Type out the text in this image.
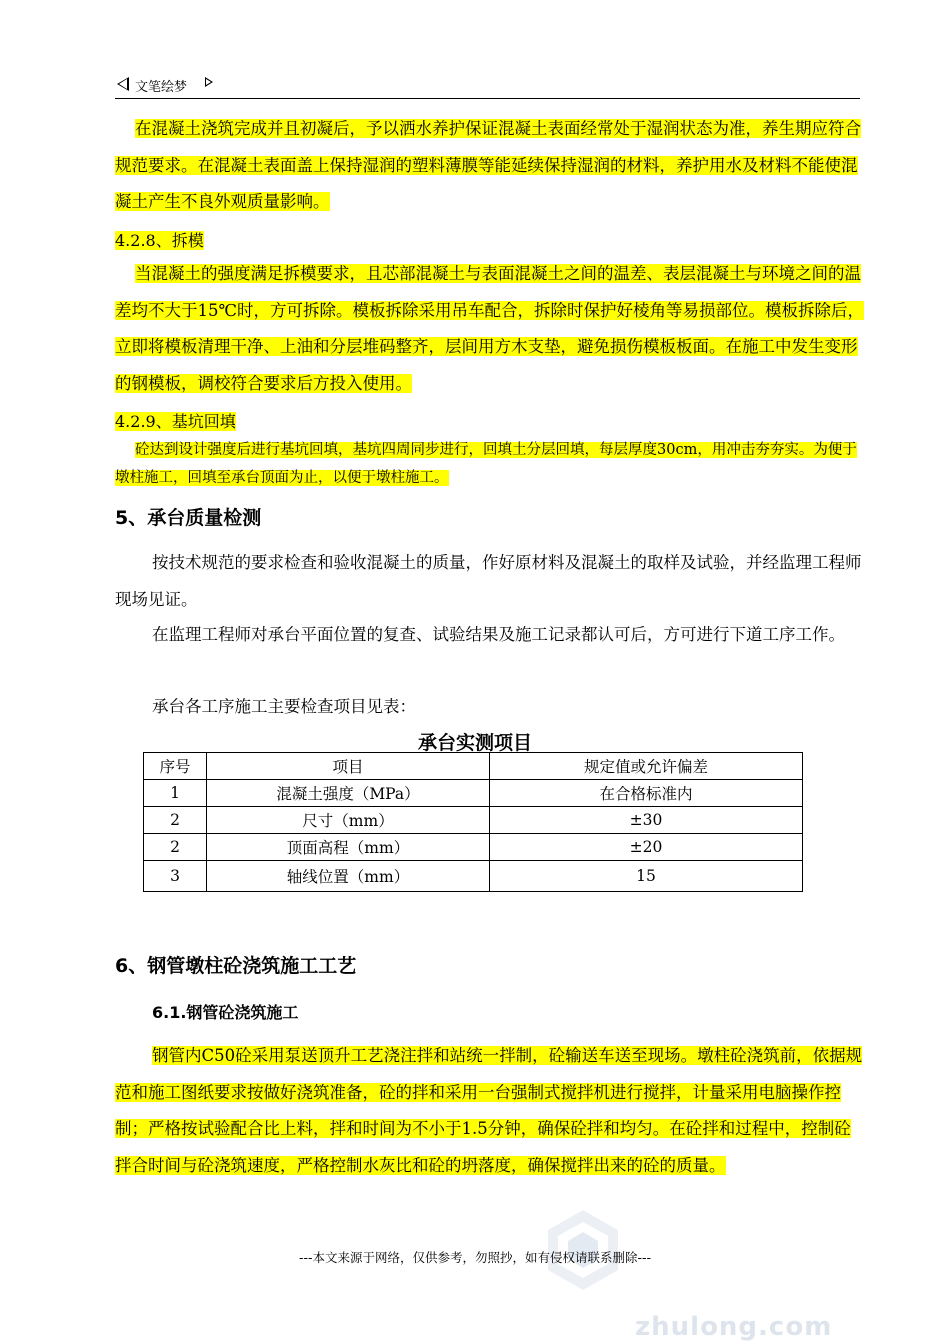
文笔绘梦
在混凝土浇筑完成并且初凝后，予以洒水养护保证混凝土表面经常处于湿润状态为准，养生期应符合规范要求。在混凝土表面盖上保持湿润的塑料薄膜等能延续保持湿润的材料，养护用水及材料不能使混凝土产生不良外观质量影响。
4.2.8、拆模
当混凝土的强度满足拆模要求，且芯部混凝土与表面混凝土之间的温差、表层混凝土与环境之间的温差均不大于15℃时，方可拆除。模板拆除采用吊车配合，拆除时保护好棱角等易损部位。模板拆除后，立即将模板清理干净、上油和分层堆码整齐，层间用方木支垫，避免损伤模板板面。在施工中发生变形的钢模板，调校符合要求后方投入使用。
4.2.9、基坑回填
砼达到设计强度后进行基坑回填，基坑四周同步进行，回填土分层回填，每层厚度30cm，用冲击夯夯实。为便于墩柱施工，回填至承台顶面为止，以便于墩柱施工。
5、承台质量检测
按技术规范的要求检查和验收混凝土的质量，作好原材料及混凝土的取样及试验，并经监理工程师现场见证。
在监理工程师对承台平面位置的复查、试验结果及施工记录都认可后，方可进行下道工序工作。
承台各工序施工主要检查项目见表：
承台实测项目
序号	项目	规定值或允许偏差
1	混凝土强度（MPa）	在合格标准内
2	尺寸（mm）	±30
2	顶面高程（mm）	±20
3	轴线位置（mm）	15
6、钢管墩柱砼浇筑施工工艺
6.1.钢管砼浇筑施工
钢管内C50砼采用泵送顶升工艺浇注拌和站统一拌制，砼输送车送至现场。墩柱砼浇筑前，依据规范和施工图纸要求按做好浇筑准备，砼的拌和采用一台强制式搅拌机进行搅拌，计量采用电脑操作控制；严格按试验配合比上料，拌和时间为不小于1.5分钟，确保砼拌和均匀。在砼拌和过程中，控制砼拌合时间与砼浇筑速度，严格控制水灰比和砼的坍落度，确保搅拌出来的砼的质量。
---本文来源于网络，仅供参考，勿照抄，如有侵权请联系删除---
zhulong.com
